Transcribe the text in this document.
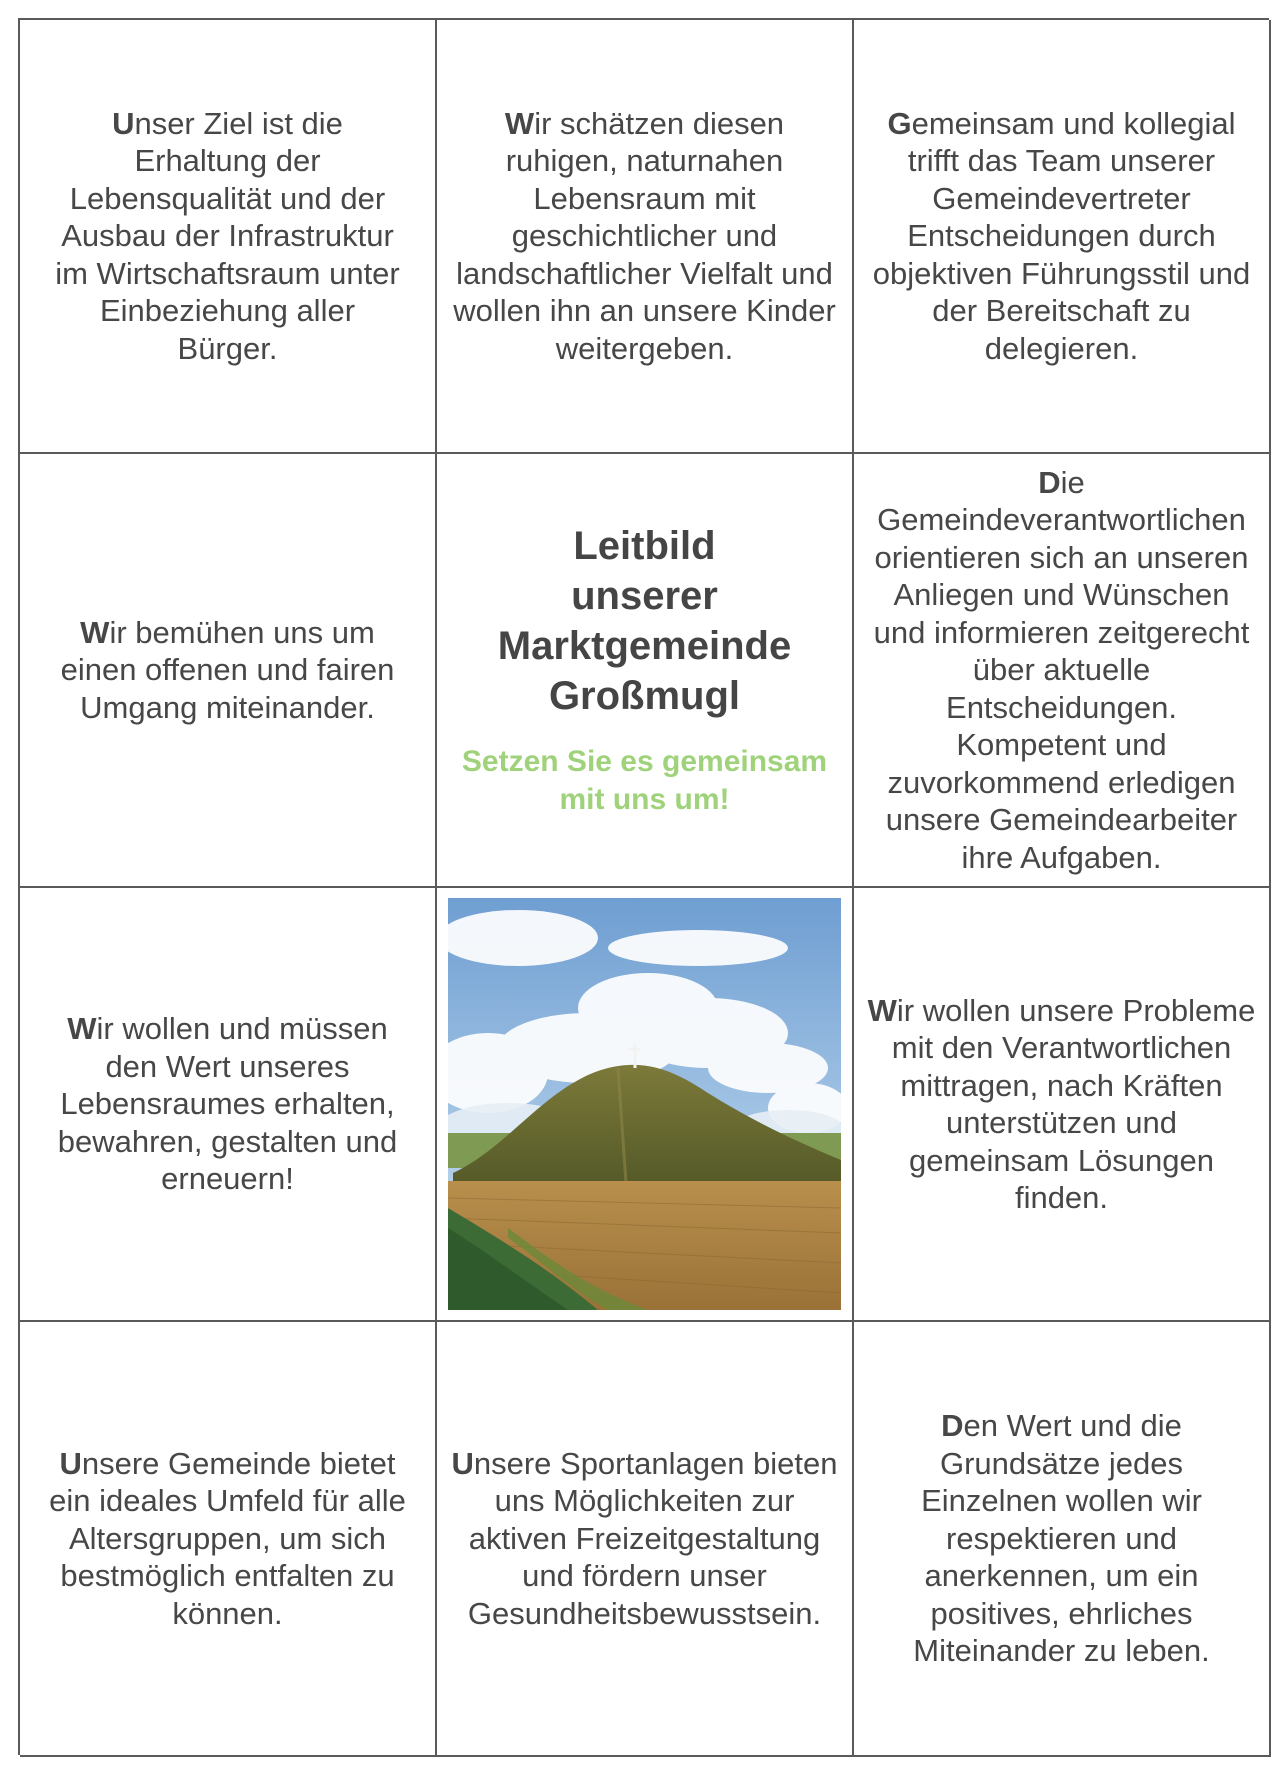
Unser Ziel ist die Erhaltung der Lebensqualität und der Ausbau der Infrastruktur im Wirtschaftsraum unter Einbeziehung aller Bürger.

Wir schätzen diesen ruhigen, naturnahen Lebensraum mit geschichtlicher und landschaftlicher Vielfalt und wollen ihn an unsere Kinder weitergeben.

Gemeinsam und kollegial trifft das Team unserer Gemeindevertreter Entscheidungen durch objektiven Führungsstil und der Bereitschaft zu delegieren.

Wir bemühen uns um einen offenen und fairen Umgang miteinander.

Leitbild
unserer
Marktgemeinde
Großmugl

Setzen Sie es gemeinsam
mit uns um!

Die Gemeindeverantwortlichen orientieren sich an unseren Anliegen und Wünschen und informieren zeitgerecht über aktuelle Entscheidungen. Kompetent und zuvorkommend erledigen unsere Gemeindearbeiter ihre Aufgaben.

Wir wollen und müssen den Wert unseres Lebensraumes erhalten, bewahren, gestalten und erneuern!

Wir wollen unsere Probleme mit den Verantwortlichen mittragen, nach Kräften unterstützen und gemeinsam Lösungen finden.

Unsere Gemeinde bietet ein ideales Umfeld für alle Altersgruppen, um sich bestmöglich entfalten zu können.

Unsere Sportanlagen bieten uns Möglichkeiten zur aktiven Freizeitgestaltung und fördern unser Gesundheitsbewusstsein.

Den Wert und die Grundsätze jedes Einzelnen wollen wir respektieren und anerkennen, um ein positives, ehrliches Miteinander zu leben.
